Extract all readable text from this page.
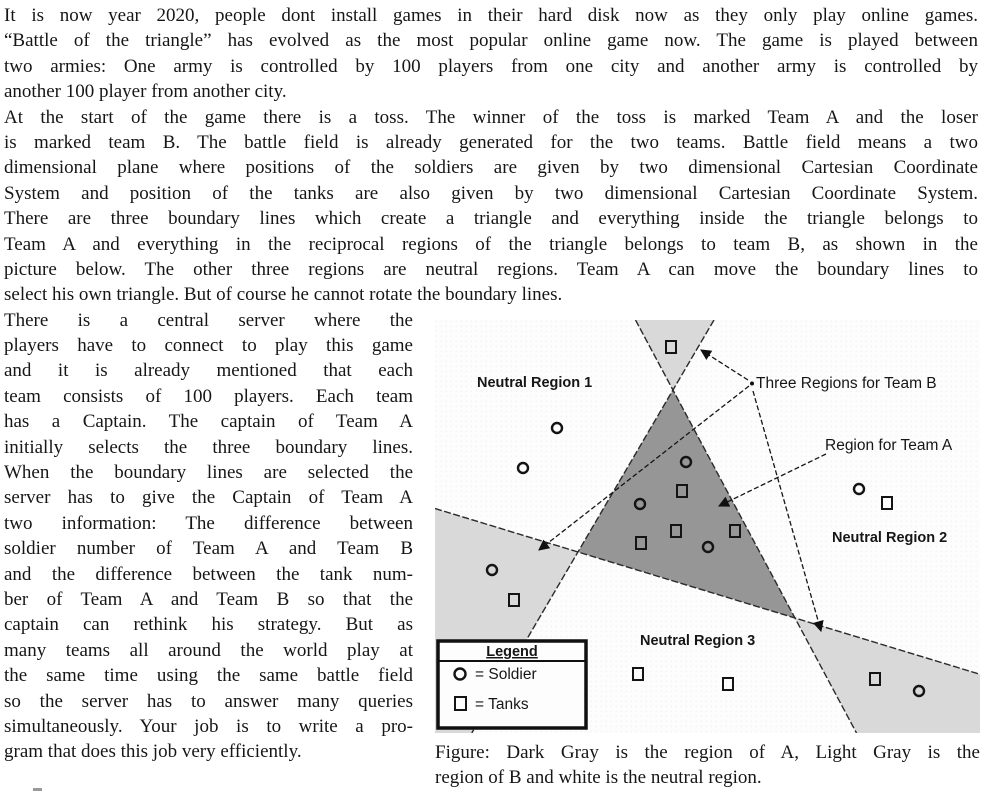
It is now year 2020, people dont install games in their hard disk now as they only play online games.
“Battle of the triangle” has evolved as the most popular online game now. The game is played between
two armies: One army is controlled by 100 players from one city and another army is controlled by
another 100 player from another city.
At the start of the game there is a toss. The winner of the toss is marked Team A and the loser
is marked team B. The battle field is already generated for the two teams. Battle field means a two
dimensional plane where positions of the soldiers are given by two dimensional Cartesian Coordinate
System and position of the tanks are also given by two dimensional Cartesian Coordinate System.
There are three boundary lines which create a triangle and everything inside the triangle belongs to
Team A and everything in the reciprocal regions of the triangle belongs to team B, as shown in the
picture below. The other three regions are neutral regions. Team A can move the boundary lines to
select his own triangle. But of course he cannot rotate the boundary lines.
There is a central server where the
players have to connect to play this game
and it is already mentioned that each
team consists of 100 players. Each team
has a Captain. The captain of Team A
initially selects the three boundary lines.
When the boundary lines are selected the
server has to give the Captain of Team A
two information: The difference between
soldier number of Team A and Team B
and the difference between the tank num-
ber of Team A and Team B so that the
captain can rethink his strategy. But as
many teams all around the world play at
the same time using the same battle field
so the server has to answer many queries
simultaneously. Your job is to write a pro-
gram that does this job very efficiently.
Neutral Region 1	Three Regions for Team B
Region for Team A
Neutral Region 2
Neutral Region 3
Legend
= Soldier
= Tanks
Figure: Dark Gray is the region of A, Light Gray is the
region of B and white is the neutral region.
